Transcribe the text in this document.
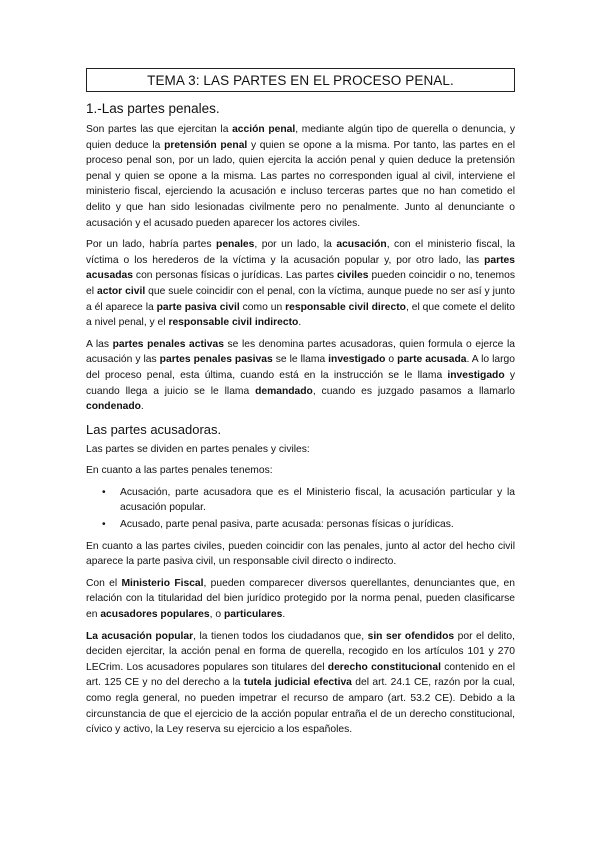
TEMA 3: LAS PARTES EN EL PROCESO PENAL.
1.-Las partes penales.

Son partes las que ejercitan la acción penal, mediante algún tipo de querella o denuncia, y quien deduce la pretensión penal y quien se opone a la misma. Por tanto, las partes en el proceso penal son, por un lado, quien ejercita la acción penal y quien deduce la pretensión penal y quien se opone a la misma. Las partes no corresponden igual al civil, interviene el ministerio fiscal, ejerciendo la acusación e incluso terceras partes que no han cometido el delito y que han sido lesionadas civilmente pero no penalmente. Junto al denunciante o acusación y el acusado pueden aparecer los actores civiles.

Por un lado, habría partes penales, por un lado, la acusación, con el ministerio fiscal, la víctima o los herederos de la víctima y la acusación popular y, por otro lado, las partes acusadas con personas físicas o jurídicas. Las partes civiles pueden coincidir o no, tenemos el actor civil que suele coincidir con el penal, con la víctima, aunque puede no ser así y junto a él aparece la parte pasiva civil como un responsable civil directo, el que comete el delito a nivel penal, y el responsable civil indirecto.

A las partes penales activas se les denomina partes acusadoras, quien formula o ejerce la acusación y las partes penales pasivas se le llama investigado o parte acusada. A lo largo del proceso penal, esta última, cuando está en la instrucción se le llama investigado y cuando llega a juicio se le llama demandado, cuando es juzgado pasamos a llamarlo condenado.

Las partes acusadoras.

Las partes se dividen en partes penales y civiles:

En cuanto a las partes penales tenemos:

• Acusación, parte acusadora que es el Ministerio fiscal, la acusación particular y la acusación popular.
• Acusado, parte penal pasiva, parte acusada: personas físicas o jurídicas.

En cuanto a las partes civiles, pueden coincidir con las penales, junto al actor del hecho civil aparece la parte pasiva civil, un responsable civil directo o indirecto.

Con el Ministerio Fiscal, pueden comparecer diversos querellantes, denunciantes que, en relación con la titularidad del bien jurídico protegido por la norma penal, pueden clasificarse en acusadores populares, o particulares.

La acusación popular, la tienen todos los ciudadanos que, sin ser ofendidos por el delito, deciden ejercitar, la acción penal en forma de querella, recogido en los artículos 101 y 270 LECrim. Los acusadores populares son titulares del derecho constitucional contenido en el art. 125 CE y no del derecho a la tutela judicial efectiva del art. 24.1 CE, razón por la cual, como regla general, no pueden impetrar el recurso de amparo (art. 53.2 CE). Debido a la circunstancia de que el ejercicio de la acción popular entraña el de un derecho constitucional, cívico y activo, la Ley reserva su ejercicio a los españoles.
